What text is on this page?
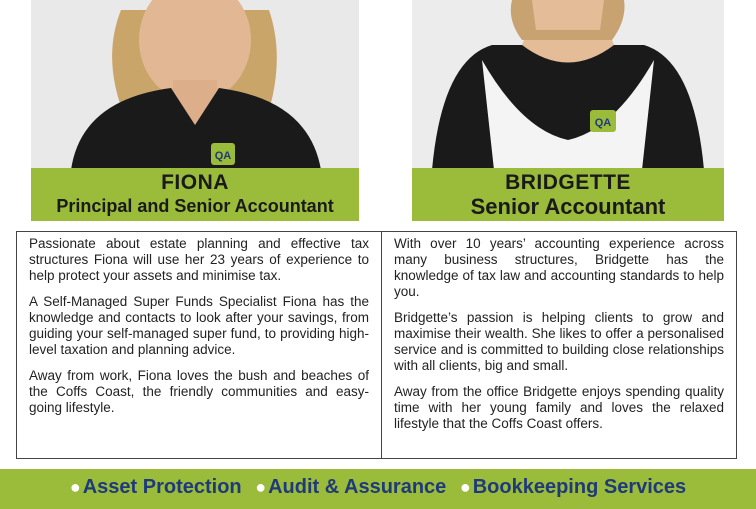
QA
QA
FIONA
Principal and Senior Accountant
BRIDGETTE
Senior Accountant

Passionate about estate planning and effective tax structures Fiona will use her 23 years of experience to help protect your assets and minimise tax.

A Self-Managed Super Funds Specialist Fiona has the knowledge and contacts to look after your savings, from guiding your self-managed super fund, to providing high-level taxation and planning advice.

Away from work, Fiona loves the bush and beaches of the Coffs Coast, the friendly communities and easy-going lifestyle.

With over 10 years’ accounting experience across many business structures, Bridgette has the knowledge of tax law and accounting standards to help you.

Bridgette’s passion is helping clients to grow and maximise their wealth. She likes to offer a personalised service and is committed to building close relationships with all clients, big and small.

Away from the office Bridgette enjoys spending quality time with her young family and loves the relaxed lifestyle that the Coffs Coast offers.

● Asset Protection ● Audit & Assurance ● Bookkeeping Services
